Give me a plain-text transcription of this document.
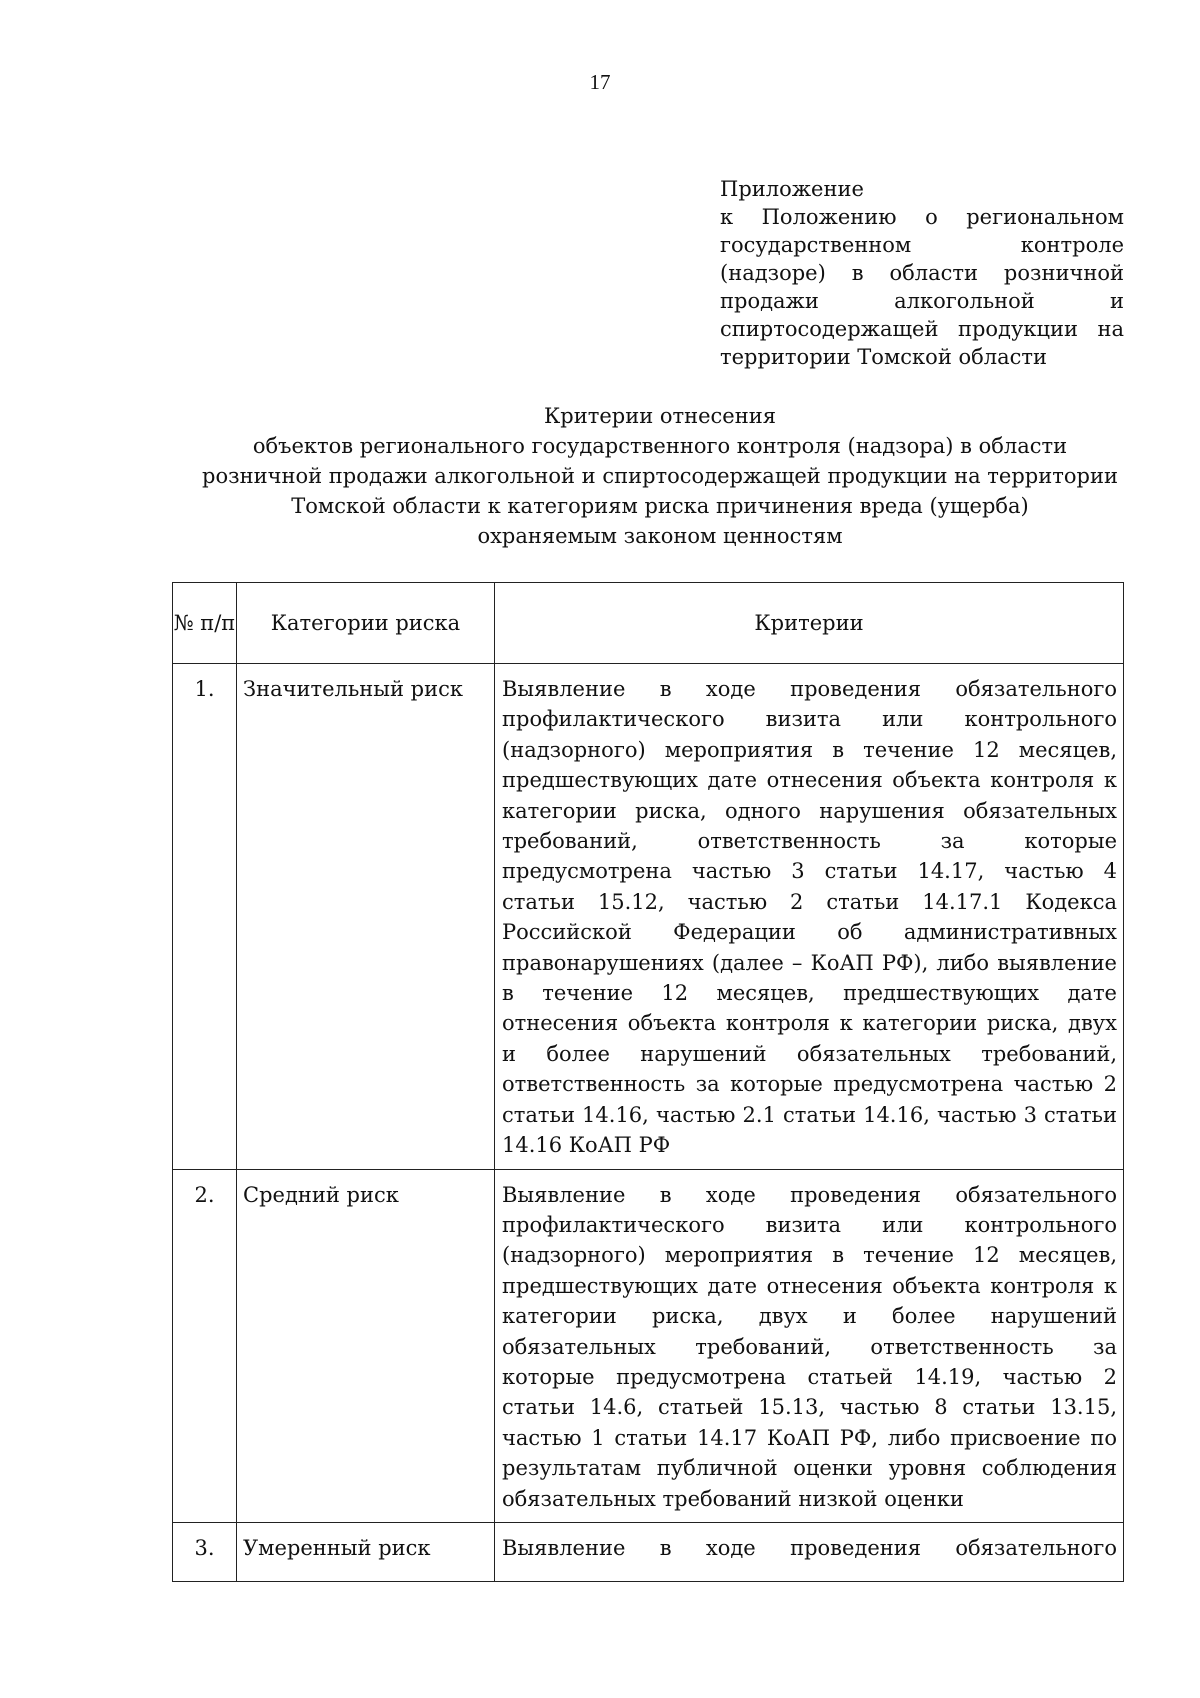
17
Приложение
к Положению о региональном государственном контроле (надзоре) в области розничной продажи алкогольной и спиртосодержащей продукции на территории Томской области
Критерии отнесения
объектов регионального государственного контроля (надзора) в области
розничной продажи алкогольной и спиртосодержащей продукции на территории
Томской области к категориям риска причинения вреда (ущерба)
охраняемым законом ценностям
№ п/п	Категории риска	Критерии
1.	Значительный риск	Выявление в ходе проведения обязательного профилактического визита или контрольного (надзорного) мероприятия в течение 12 месяцев, предшествующих дате отнесения объекта контроля к категории риска, одного нарушения обязательных требований, ответственность за которые предусмотрена частью 3 статьи 14.17, частью 4 статьи 15.12, частью 2 статьи 14.17.1 Кодекса Российской Федерации об административных правонарушениях (далее – КоАП РФ), либо выявление в течение 12 месяцев, предшествующих дате отнесения объекта контроля к категории риска, двух и более нарушений обязательных требований, ответственность за которые предусмотрена частью 2 статьи 14.16, частью 2.1 статьи 14.16, частью 3 статьи 14.16 КоАП РФ
2.	Средний риск	Выявление в ходе проведения обязательного профилактического визита или контрольного (надзорного) мероприятия в течение 12 месяцев, предшествующих дате отнесения объекта контроля к категории риска, двух и более нарушений обязательных требований, ответственность за которые предусмотрена статьей 14.19, частью 2 статьи 14.6, статьей 15.13, частью 8 статьи 13.15, частью 1 статьи 14.17 КоАП РФ, либо присвоение по результатам публичной оценки уровня соблюдения обязательных требований низкой оценки
3.	Умеренный риск	Выявление в ходе проведения обязательного
